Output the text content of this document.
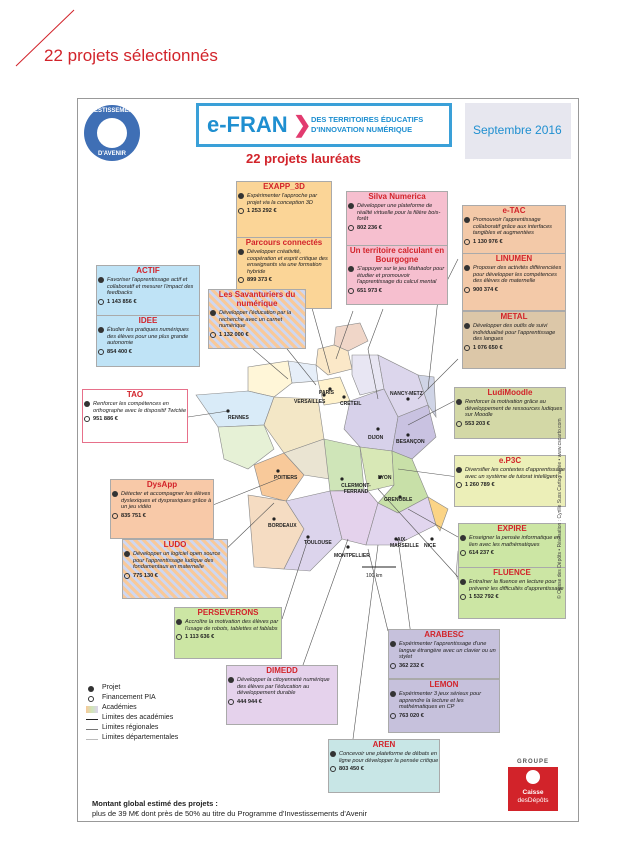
22 projets sélectionnés
INVESTISSEMENTS
D'AVENIR
e-FRAN ❯ DES TERRITOIRES ÉDUCATIFS
D'INNOVATION NUMÉRIQUE	Septembre 2016
22 projets lauréats
PARIS
CRÉTEIL
VERSAILLES
RENNES
NANCY-METZ
DIJON
BESANÇON
POITIERS
CLERMONT-FERRAND
LYON
GRENOBLE
BORDEAUX
TOULOUSE
MONTPELLIER
AIX-MARSEILLE NICE
100 km
EXAPP_3D
Expérimenter l'approche par projet via la conception 3D
1 253 292 €
Parcours connectés
Développer créativité, coopération et esprit critique des enseignants via une formation hybride
899 373 €
Silva Numerica
Développer une plateforme de réalité virtuelle pour la filière bois-forêt
802 236 €
Un territoire calculant en Bourgogne
S'appuyer sur le jeu Mathador pour étudier et promouvoir l'apprentissage du calcul mental
651 973 €
e-TAC
Promouvoir l'apprentissage collaboratif grâce aux interfaces tangibles et augmentées
1 130 976 €
LINUMEN
Proposer des activités différenciées pour développer les compétences des élèves de maternelle
900 374 €
METAL
Développer des outils de suivi individualisé pour l'apprentissage des langues
1 076 650 €
ACTIF
Favoriser l'apprentissage actif et collaboratif et mesurer l'impact des feedbacks
1 143 856 €
IDEE
Étudier les pratiques numériques des élèves pour une plus grande autonomie
854 400 €
Les Savanturiers du numérique
Développer l'éducation par la recherche avec un carnet numérique
1 132 000 €
TAO
Renforcer les compétences en orthographe avec le dispositif Twictée
951 886 €
LudiMoodle
Renforcer la motivation grâce au développement de ressources ludiques sur Moodle
553 203 €
e.P3C
Diversifier les contextes d'apprentissage avec un système de tutorat intelligent
1 260 789 €
DysApp
Détecter et accompagner les élèves dyslexiques et dyspraxiques grâce à un jeu vidéo
835 751 €
LUDO
Développer un logiciel open source pour l'apprentissage ludique des fondamentaux en maternelle
775 130 €
EXPIRE
Enseigner la pensée informatique en lien avec les mathématiques
614 237 €
FLUENCE
Entraîner la fluence en lecture pour prévenir les difficultés d'apprentissage
1 532 792 €
PERSEVERONS
Accroître la motivation des élèves par l'usage de robots, tablettes et fablabs
1 113 636 €	ARABESC
Expérimenter l'apprentissage d'une langue étrangère avec un clavier ou un stylet
362 232 €
DIMEDD
Développer la citoyenneté numérique des élèves par l'éducation au développement durable
444 944 €
LEMON
Expérimenter 3 jeux sérieux pour apprendre la lecture et les mathématiques en CP
763 020 €
AREN
Concevoir une plateforme de débats en ligne pour développer la pensée critique
803 450 €
Projet
Financement PIA
Académies
Limites des académies
Limites régionales
Limites départementales
Montant global estimé des projets :
plus de 39 M€ dont près de 50% au titre du Programme d'Investissements d'Avenir
© Caisse des Dépôts • Réalisation : Cyrille Suss Cartographie • www.cscarto.com
GROUPE
Caisse
desDépôts
